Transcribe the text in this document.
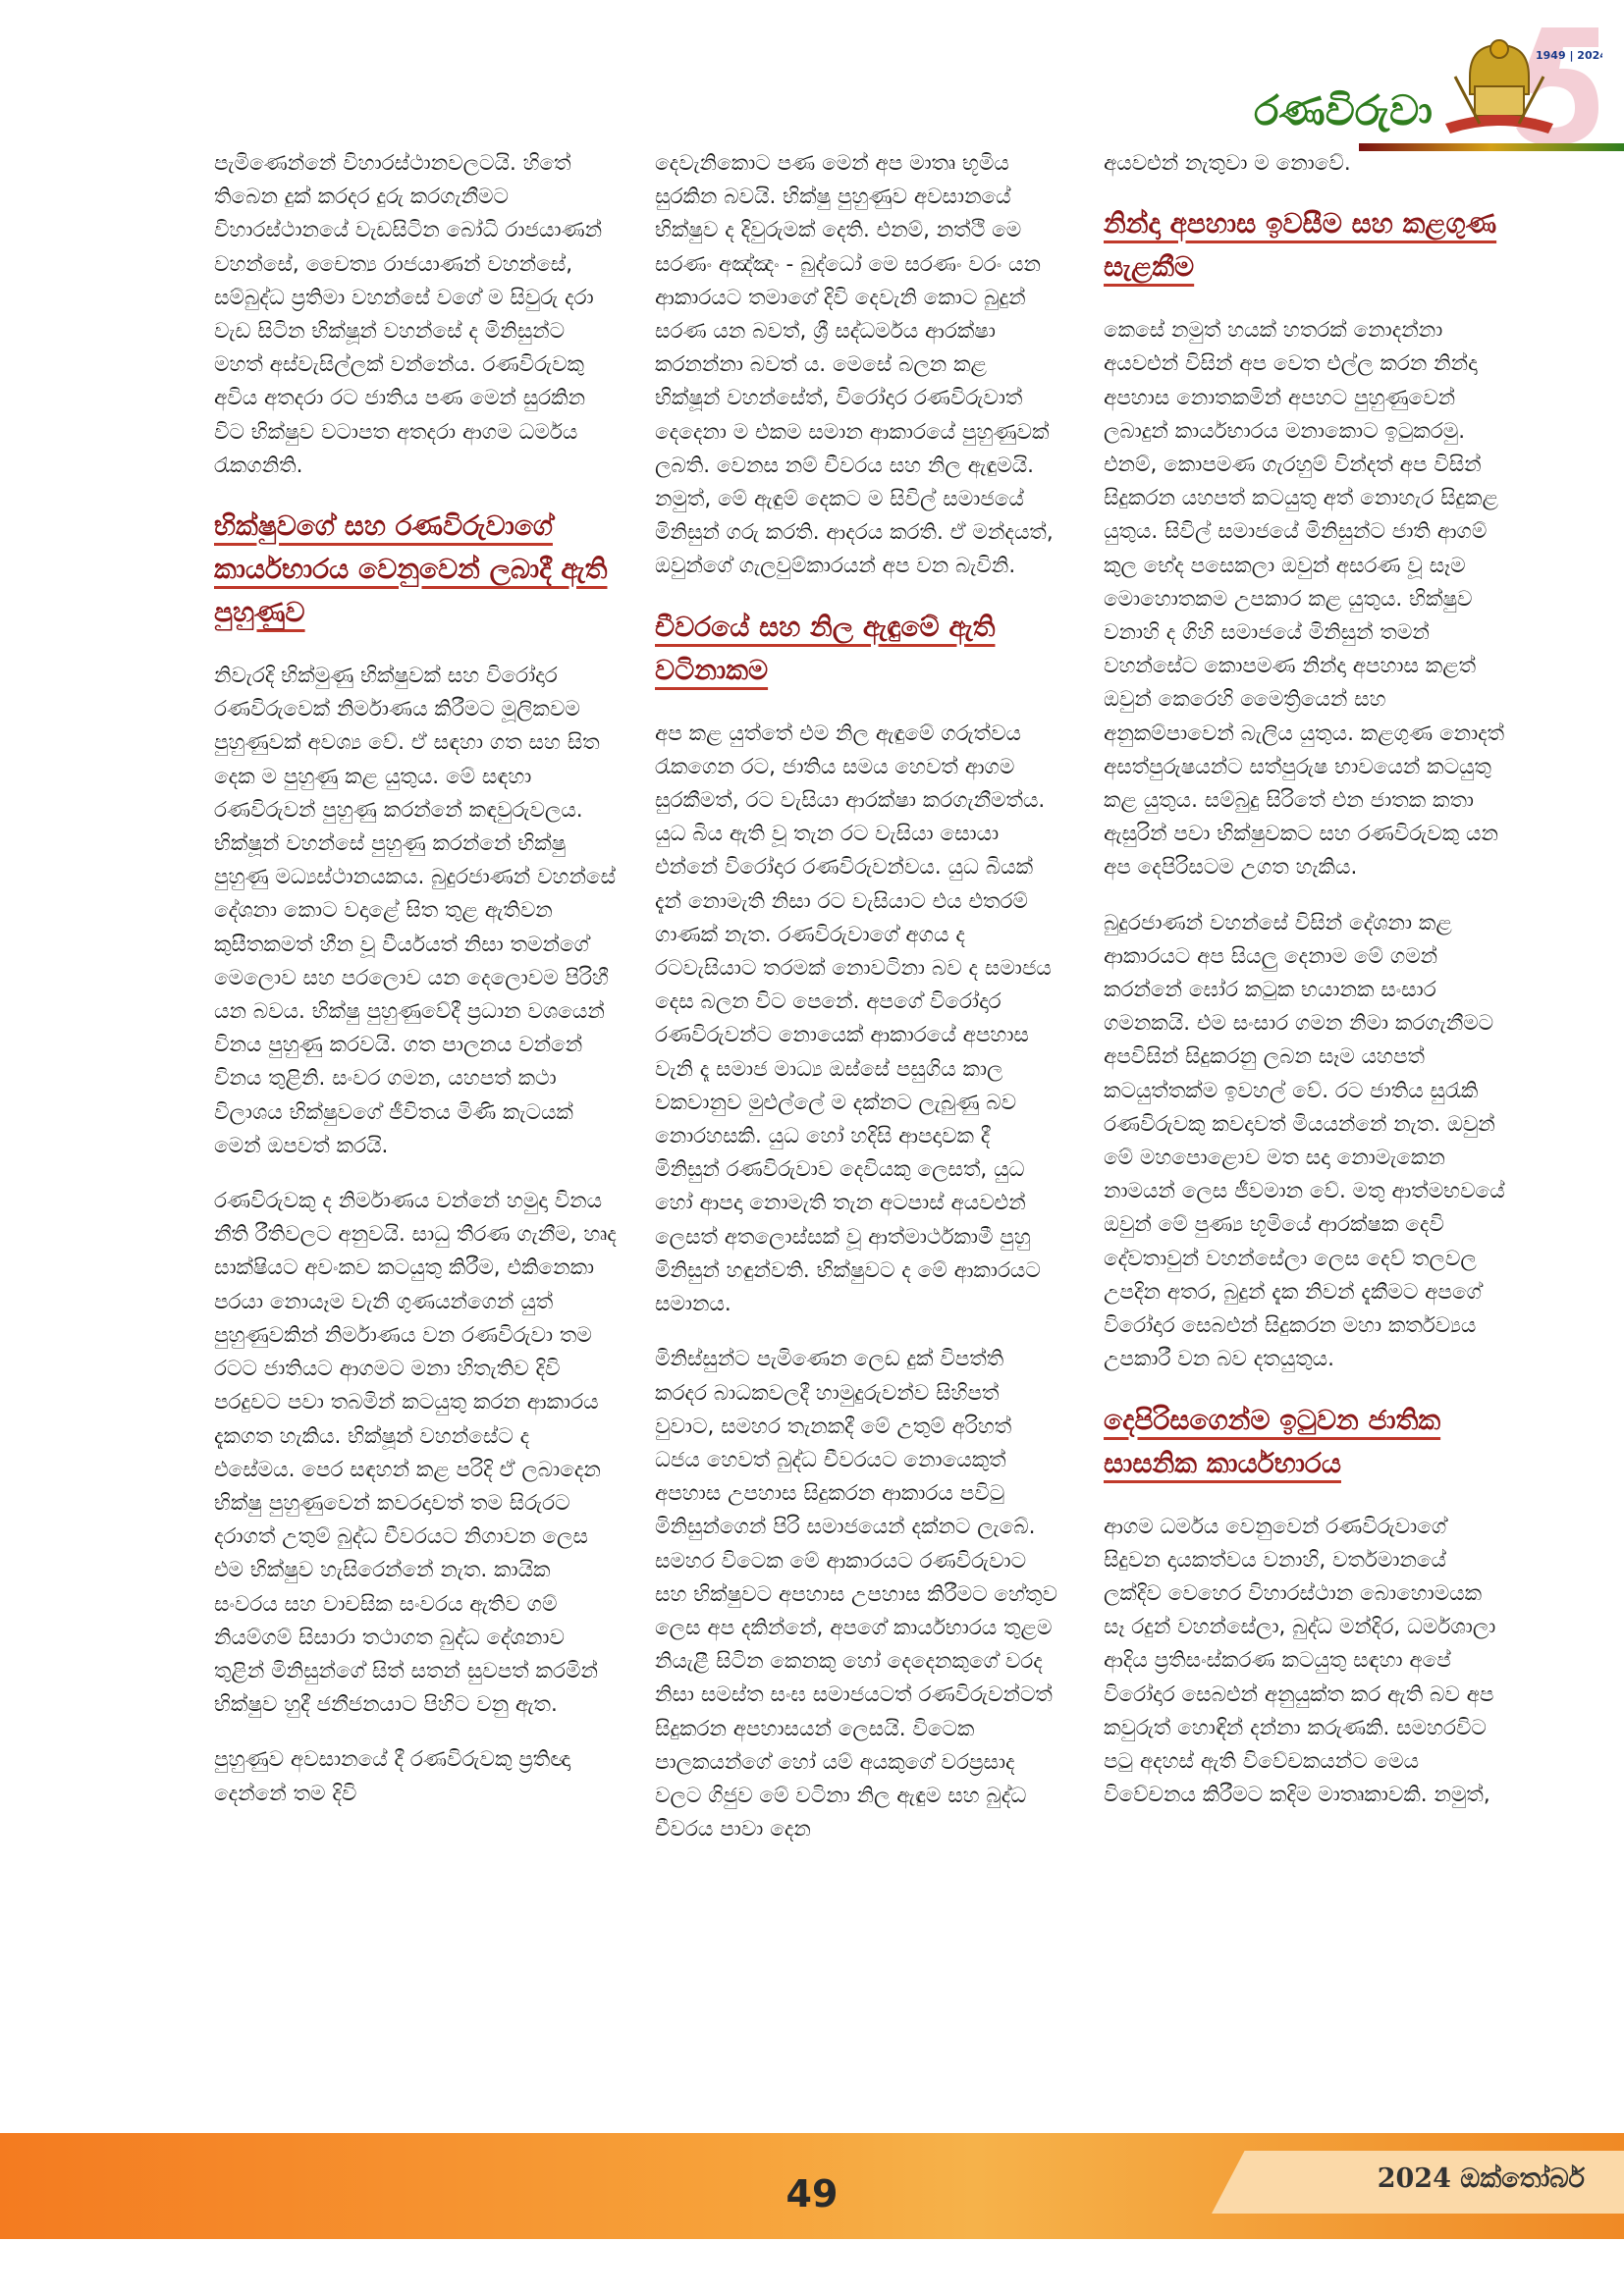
රණවිරුවා
1949 | 2024

පැමිණෙන්නේ විහාරස්ථානවලටයි. හිතේ තිබෙන දුක් කරදර දුරු කරගැනීමට විහාරස්ථානයේ වැඩසිටින බෝධි රාජයාණන් වහන්සේ, චෛත්‍ය රාජයාණන් වහන්සේ, සම්බුද්ධ ප්‍රතිමා වහන්සේ වගේ ම සිවුරු දරා වැඩ සිටින භික්ෂූන් වහන්සේ ද මිනිසුන්ට මහත් අස්වැසිල්ලක් වන්නේය. රණවිරුවකු අවිය අතදරා රට ජාතිය පණ මෙන් සුරකින විට භික්ෂුව වටාපත අතදරා ආගම ධර්මය රැකගනිති.

භික්ෂුවගේ සහ රණවිරුවාගේ කාර්යභාරය වෙනුවෙන් ලබාදී ඇති පුහුණුව

නිවැරදි භික්මුණු භික්ෂුවක් සහ විරෝදාර රණවිරුවෙක් නිර්මාණය කිරීමට මූලිකවම පුහුණුවක් අවශ්‍ය වේ. ඒ සඳහා ගත සහ සිත දෙක ම පුහුණු කළ යුතුය. මේ සඳහා රණවිරුවන් පුහුණු කරන්නේ කඳවුරුවලය. භික්ෂූන් වහන්සේ පුහුණු කරන්නේ භික්ෂු පුහුණු මධ්‍යස්ථානයකය. බුදුරජාණන් වහන්සේ දේශනා කොට වදාළේ සිත තුළ ඇතිවන කුසීතකමත් හීන වූ වීර්යයත් නිසා තමන්ගේ මෙලොව සහ පරලොව යන දෙලොවම පිරිහී යන බවය. භික්ෂු පුහුණුවේදී ප්‍රධාන වශයෙන් විනය පුහුණු කරවයි. ගත පාලනය වන්නේ විනය තුළිනි. සංවර ගමන, යහපත් කථා විලාශය භික්ෂුවගේ ජීවිතය මිණි කැටයක් මෙන් ඔපවත් කරයි.

රණවිරුවකු ද නිර්මාණය වන්නේ හමුදා විනය නීති රීතිවලට අනුවයි. සාධු තීරණ ගැනීම, හෘද සාක්ෂියට අවංකව කටයුතු කිරීම, එකිනෙකා පරයා නොයෑම වැනි ගුණයන්ගෙන් යුත් පුහුණුවකින් නිර්මාණය වන රණවිරුවා තම රටට ජාතියට ආගමට මනා හිතැතිව දිවි පරදුවට පවා තබමින් කටයුතු කරන ආකාරය දැකගත හැකිය. භික්ෂූන් වහන්සේට ද එසේමය. පෙර සඳහන් කළ පරිදි ඒ ලබාදෙන භික්ෂු පුහුණුවෙන් කවරදාවත් තම සිරුරට දරාගත් උතුම් බුද්ධ චීවරයට නිගාවන ලෙස එම භික්ෂුව හැසිරෙන්නේ නැත. කායික සංවරය සහ වාචසික සංවරය ඇතිව ගම් නියම්ගම් සිසාරා තථාගත බුද්ධ දේශනාව තුළින් මිනිසුන්ගේ සිත් සතන් සුවපත් කරමින් භික්ෂුව හුදී ජනීජනයාට පිහිට වනු ඇත.

පුහුණුව අවසානයේ දී රණවිරුවකු ප්‍රතිඥා දෙන්නේ තම දිවි

දෙවැනිකොට පණ මෙන් අප මාතෘ භූමිය සුරකින බවයි. භික්ෂු පුහුණුව අවසානයේ භික්ෂුව ද දිවුරුමක් දෙති. එනම්, නත්ථි මෙ සරණං අඤ්ඤං - බුද්ධෝ මෙ සරණං වරං යන ආකාරයට තමාගේ දිවි දෙවැනි කොට බුදුන් සරණ යන බවත්, ශ්‍රී සද්ධර්මය ආරක්ෂා කරනන්නා බවත් ය. මෙසේ බලන කළ භික්ෂූන් වහන්සේත්, විරෝදාර රණවිරුවාත් දෙදෙනා ම එකම සමාන ආකාරයේ පුහුණුවක් ලබති. වෙනස නම් චීවරය සහ නිල ඇඳුමයි. නමුත්, මේ ඇඳුම් දෙකට ම සිවිල් සමාජයේ මිනිසුන් ගරු කරති. ආදරය කරති. ඒ මන්දයත්, ඔවුන්ගේ ගැලවුම්කාරයන් අප වන බැවිනි.

චීවරයේ සහ නිල ඇඳුමේ ඇති වටිනාකම

අප කළ යුත්තේ එම නිල ඇඳුමේ ගරුත්වය රැකගෙන රට, ජාතිය සමය හෙවත් ආගම සුරකීමත්, රට වැසියා ආරක්ෂා කරගැනීමත්ය. යුධ බිය ඇති වූ තැන රට වැසියා සොයා එන්නේ විරෝදාර රණවිරුවන්වය. යුධ බියක් දැන් නොමැති නිසා රට වැසියාට එය එතරම් ගාණක් නැත. රණවිරුවාගේ අගය ද රටවැසියාට තරමක් නොවටිනා බව ද සමාජය දෙස බලන විට පෙනේ. අපගේ විරෝදාර රණවිරුවන්ට නොයෙක් ආකාරයේ අපහාස වැනි දෑ සමාජ මාධ්‍ය ඔස්සේ පසුගිය කාල වකවානුව මුළුල්ලේ ම දක්නට ලැබුණු බව නොරහසකි. යුධ හෝ හදිසි ආපදාවක දී මිනිසුන් රණවිරුවාව දෙවියකු ලෙසත්, යුධ හෝ ආපදා නොමැති තැන අටපාස් අයවළුන් ලෙසත් අතලොස්සක් වූ ආත්මාර්ථකාමී පුහු මිනිසුන් හඳුන්වති. භික්ෂුවට ද මේ ආකාරයට සමානය.

මිනිස්සුන්ට පැමිණෙන ලෙඩ දුක් විපත්ති කරදර බාධකවලදී හාමුදුරුවන්ව සිහිපත් වුවාට, සමහර තැනකදී මේ උතුම් අරිහත් ධජය හෙවත් බුද්ධ චීවරයට නොයෙකුත් අපහාස උපහාස සිදුකරන ආකාරය පවිටු මිනිසුන්ගෙන් පිරි සමාජයෙන් දක්නට ලැබේ. සමහර විටෙක මේ ආකාරයට රණවිරුවාට සහ භික්ෂුවට අපහාස උපහාස කිරීමට හේතුව ලෙස අප දකින්නේ, අපගේ කාර්යභාරය තුළම නියැළී සිටින කෙනකු හෝ දෙදෙනකුගේ වරද නිසා සමස්ත සංඝ සමාජයටත් රණවිරුවන්ටත් සිදුකරන අපහාසයන් ලෙසයි. විටෙක පාලකයන්ගේ හෝ යම් අයකුගේ වරප්‍රසාද වලට ගිජුව මේ වටිනා නිල ඇඳුම සහ බුද්ධ චීවරය පාවා දෙන

අයවළුන් නැතුවා ම නොවේ.

නින්දා අපහාස ඉවසීම සහ කළගුණ සැළකීම

කෙසේ නමුත් හයක් හතරක් නොදන්නා අයවළුන් විසින් අප වෙත එල්ල කරන නින්දා අපහාස නොතකමින් අපහට පුහුණුවෙන් ලබාදුන් කාර්යභාරය මනාකොට ඉටුකරමු. එනම්, කොපමණ ගැරහුම් වින්දත් අප විසින් සිදුකරන යහපත් කටයුතු අත් නොහැර සිදුකළ යුතුය. සිවිල් සමාජයේ මිනිසුන්ට ජාති ආගම් කුල භේද පසෙකලා ඔවුන් අසරණ වූ සෑම මොහොතකම උපකාර කළ යුතුය. භික්ෂුව වනාහි ද ගිහි සමාජයේ මිනිසුන් තමන් වහන්සේට කොපමණ නින්දා අපහාස කළත් ඔවුන් කෙරෙහි මෛත්‍රියෙන් සහ අනුකම්පාවෙන් බැලිය යුතුය. කළගුණ නොදත් අසත්පුරුෂයන්ට සත්පුරුෂ භාවයෙන් කටයුතු කළ යුතුය. සම්බුදු සිරිතේ එන ජාතක කතා ඇසුරින් පවා භික්ෂුවකට සහ රණවිරුවකු යන අප දෙපිරිසටම උගත හැකිය.

බුදුරජාණන් වහන්සේ විසින් දේශනා කළ ආකාරයට අප සියලු දෙනාම මේ ගමන් කරන්නේ ඝෝර කටුක භයානක සංසාර ගමනකයි. එම සංසාර ගමන නිමා කරගැනීමට අපවිසින් සිදුකරනු ලබන සෑම යහපත් කටයුත්තක්ම ඉවහල් වේ. රට ජාතිය සුරැකි රණවිරුවකු කවදාවත් මියයන්නේ නැත. ඔවුන් මේ මහපොළොව මත සදා නොමැකෙන නාමයන් ලෙස ජීවමාන වේ. මතු ආත්මභවයේ ඔවුන් මේ පුණ්‍ය භූමියේ ආරක්ෂක දෙවි දේවතාවුන් වහන්සේලා ලෙස දෙව් තලවල උපදින අතර, බුදුන් දැක නිවන් දැකීමට අපගේ විරෝදාර සෙබළුන් සිදුකරන මහා කර්තව්‍යය උපකාරී වන බව දතයුතුය.

දෙපිරිසගෙන්ම ඉටුවන ජාතික සාසනික කාර්යභාරය

ආගම ධර්මය වෙනුවෙන් රණවිරුවාගේ සිදුවන දායකත්වය වනාහි, වර්තමානයේ ලක්දිව වෙහෙර විහාරස්ථාන බොහොමයක සෑ රදුන් වහන්සේලා, බුද්ධ මන්දිර, ධර්මශාලා ආදිය ප්‍රතිසංස්කරණ කටයුතු සඳහා අපේ විරෝදාර සෙබළුන් අනුයුක්ත කර ඇති බව අප කවුරුත් හොඳින් දන්නා කරුණකි. සමහරවිට පටු අදහස් ඇති විවේචකයන්ට මෙය විවේචනය කිරීමට කදිම මාතෘකාවකි. නමුත්,

49	2024 ඔක්තෝබර්
